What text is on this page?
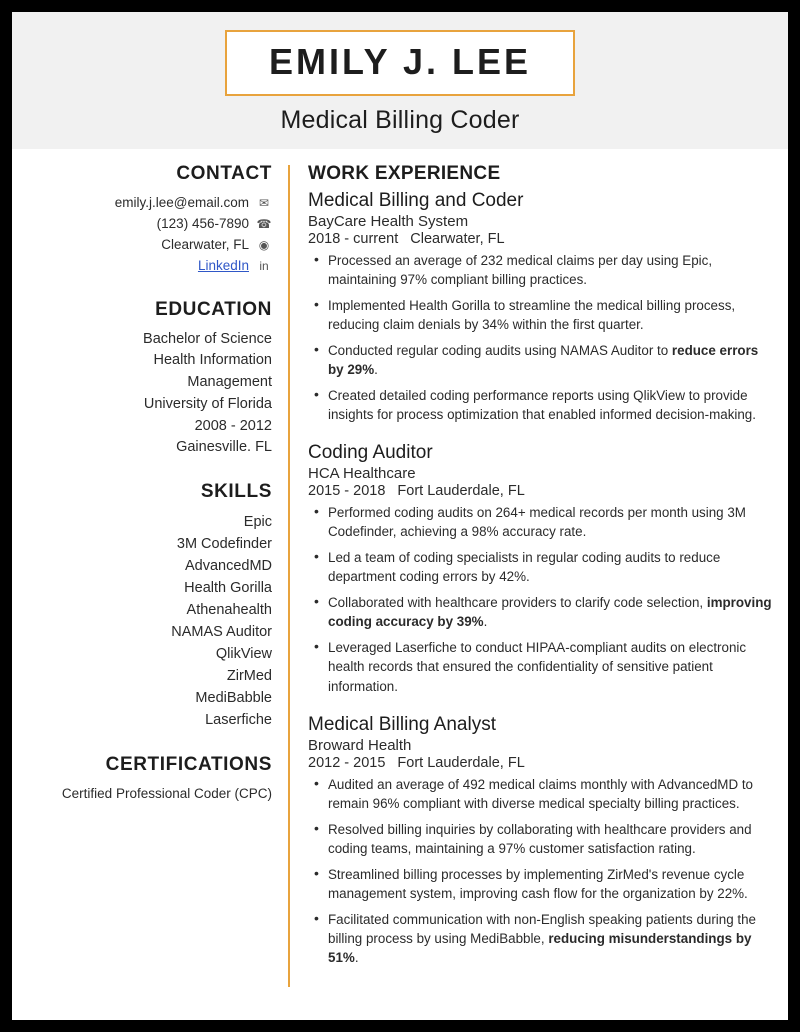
EMILY J. LEE
Medical Billing Coder
CONTACT
emily.j.lee@email.com ✉
(123) 456-7890 ☎
Clearwater, FL ◉
LinkedIn in
EDUCATION
Bachelor of Science
Health Information
Management
University of Florida
2008 - 2012
Gainesville. FL
SKILLS
Epic
3M Codefinder
AdvancedMD
Health Gorilla
Athenahealth
NAMAS Auditor
QlikView
ZirMed
MediBabble
Laserfiche
CERTIFICATIONS
Certified Professional Coder (CPC)
WORK EXPERIENCE
Medical Billing and Coder
BayCare Health System
2018 - current Clearwater, FL
• Processed an average of 232 medical claims per day using Epic, maintaining 97% compliant billing practices.
• Implemented Health Gorilla to streamline the medical billing process, reducing claim denials by 34% within the first quarter.
• Conducted regular coding audits using NAMAS Auditor to reduce errors by 29%.
• Created detailed coding performance reports using QlikView to provide insights for process optimization that enabled informed decision-making.
Coding Auditor
HCA Healthcare
2015 - 2018 Fort Lauderdale, FL
• Performed coding audits on 264+ medical records per month using 3M Codefinder, achieving a 98% accuracy rate.
• Led a team of coding specialists in regular coding audits to reduce department coding errors by 42%.
• Collaborated with healthcare providers to clarify code selection, improving coding accuracy by 39%.
• Leveraged Laserfiche to conduct HIPAA-compliant audits on electronic health records that ensured the confidentiality of sensitive patient information.
Medical Billing Analyst
Broward Health
2012 - 2015 Fort Lauderdale, FL
• Audited an average of 492 medical claims monthly with AdvancedMD to remain 96% compliant with diverse medical specialty billing practices.
• Resolved billing inquiries by collaborating with healthcare providers and coding teams, maintaining a 97% customer satisfaction rating.
• Streamlined billing processes by implementing ZirMed's revenue cycle management system, improving cash flow for the organization by 22%.
• Facilitated communication with non-English speaking patients during the billing process by using MediBabble, reducing misunderstandings by 51%.
